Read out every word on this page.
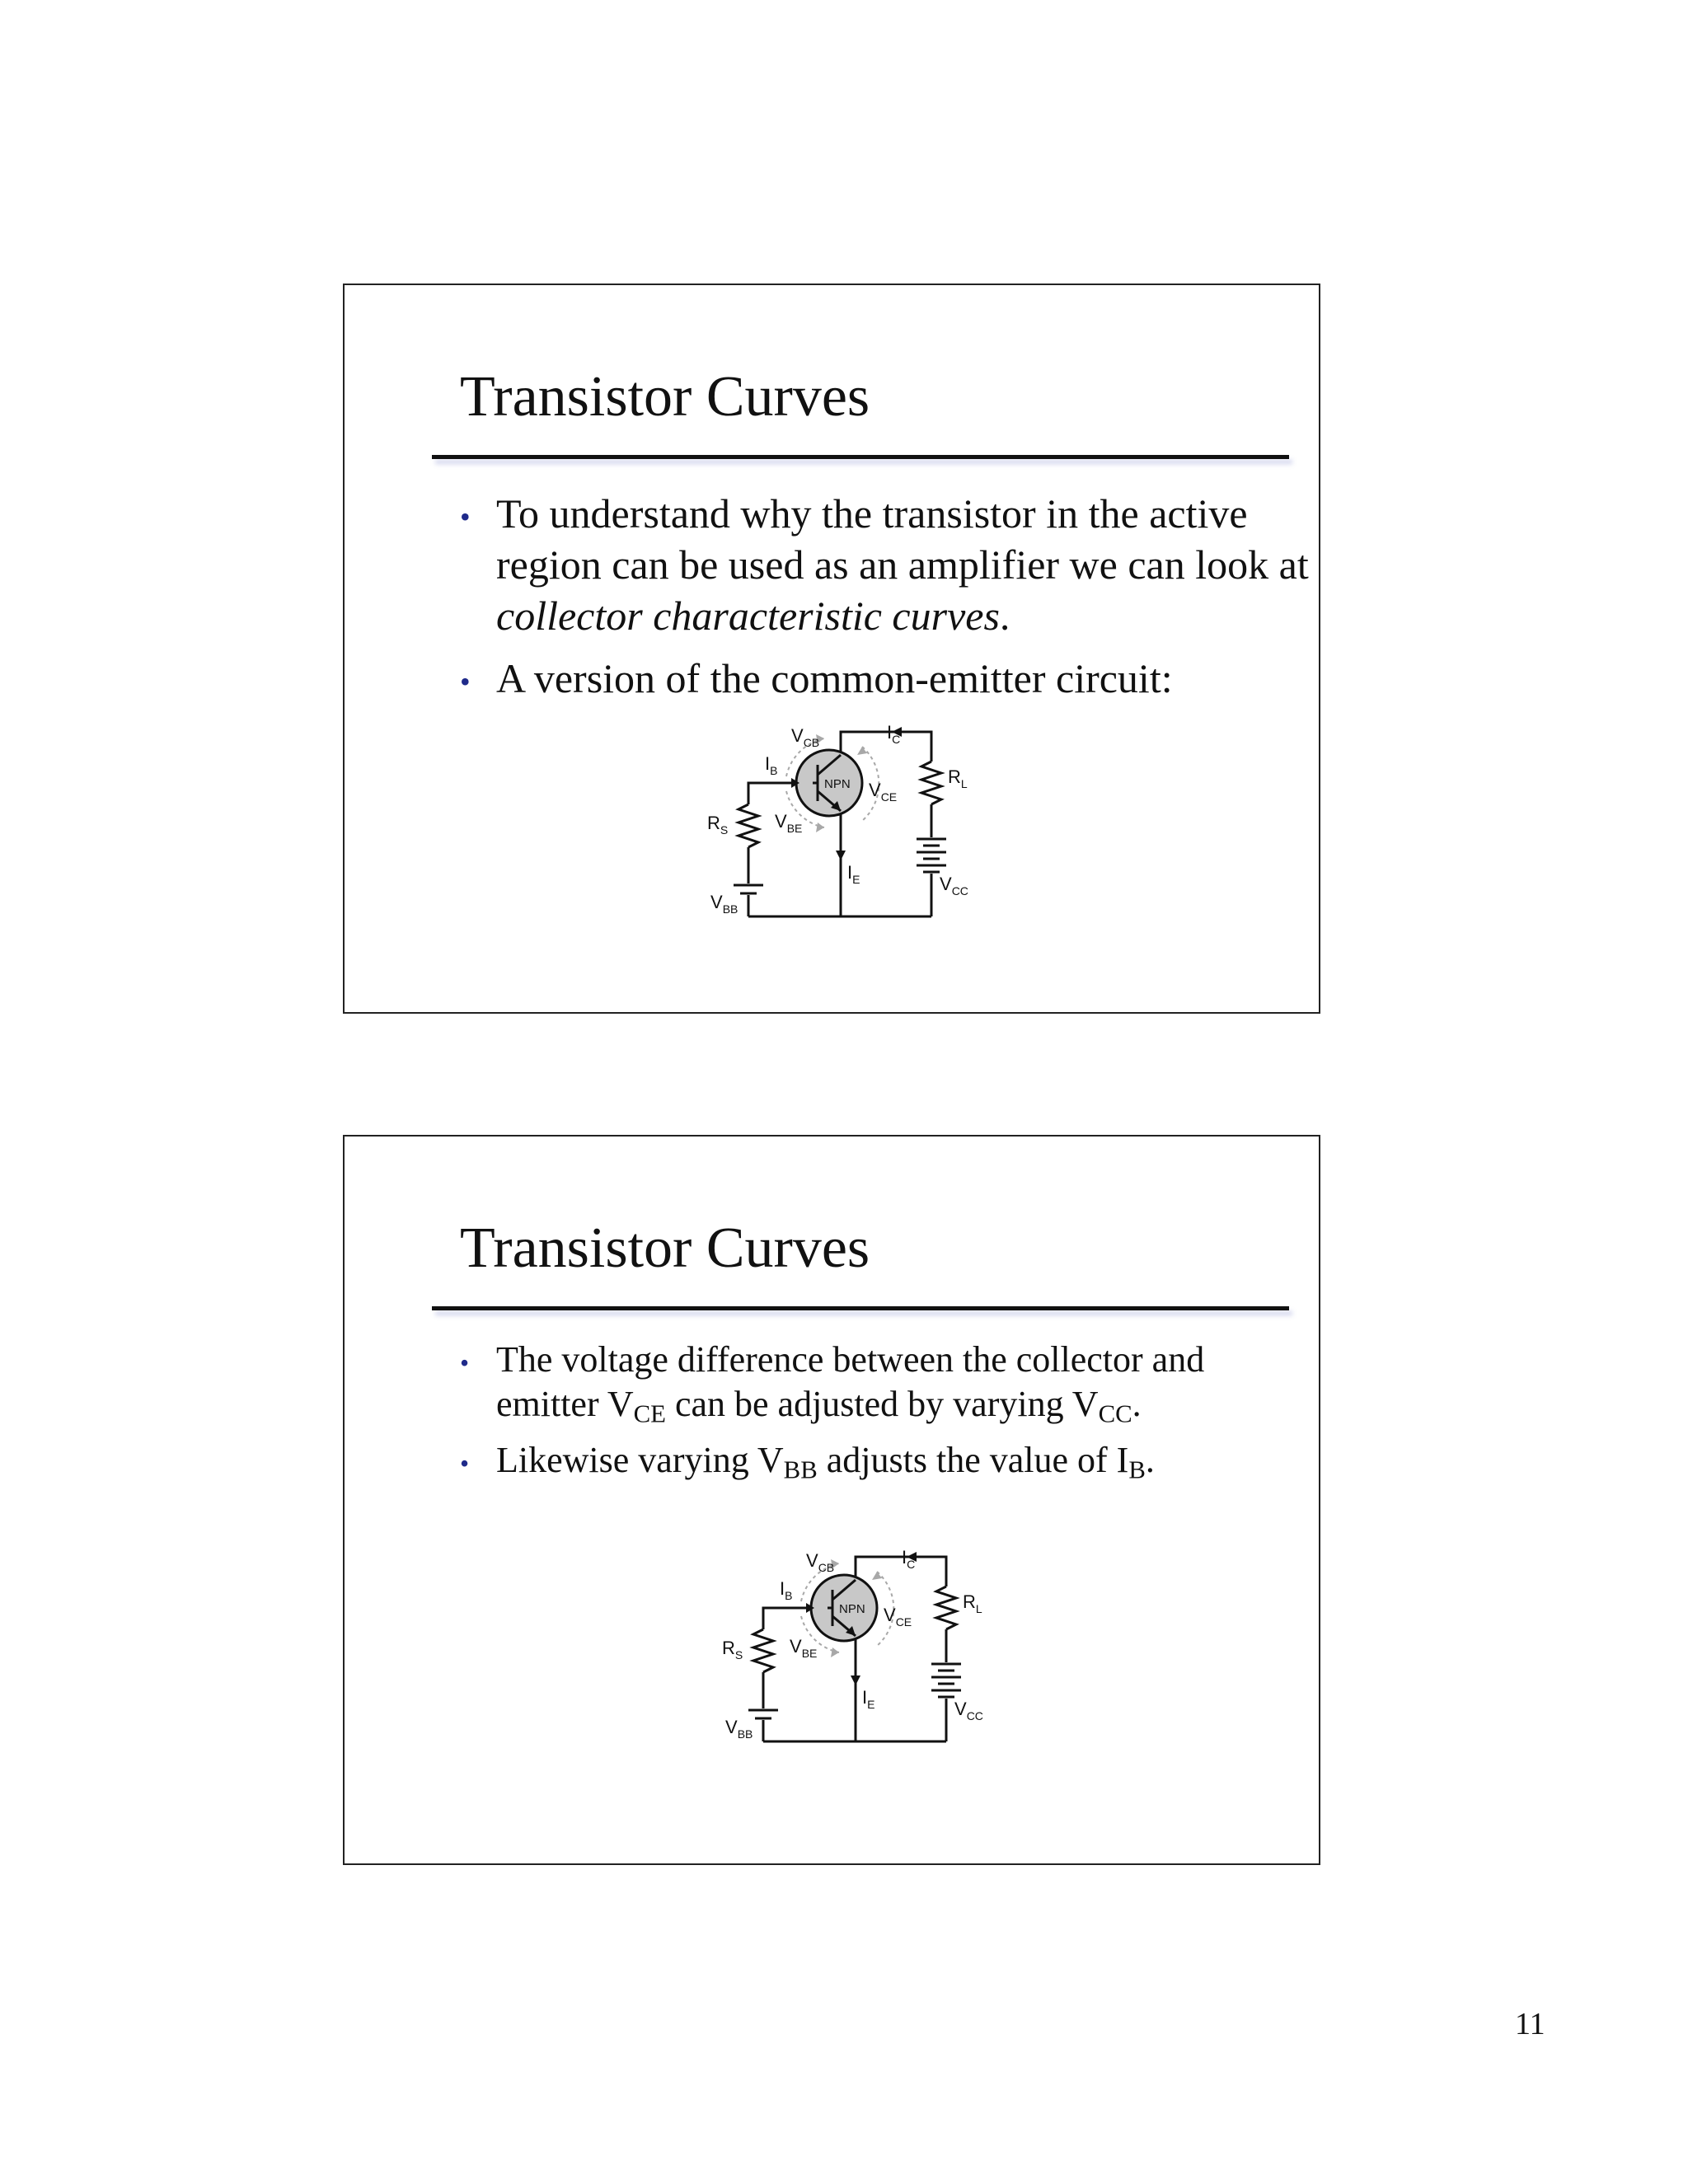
Transistor Curves
• To understand why the transistor in the active region can be used as an amplifier we can look at collector characteristic curves.
• A version of the common-emitter circuit:
NPN
$V_{CB}$	$I_C$
$I_B$	$R_L$
$V_{CE}$
$R_S$	$V_{BE}$
$I_E$	$V_{CC}$
$V_{BB}$
Transistor Curves
• The voltage difference between the collector and emitter $V_{CE}$ can be adjusted by varying $V_{CC}$.
• Likewise varying $V_{BB}$ adjusts the value of $I_B$.
NPN
$V_{CB}$	$I_C$
$I_B$	$R_L$
$V_{CE}$
$R_S$	$V_{BE}$
$I_E$	$V_{CC}$
$V_{BB}$
11
